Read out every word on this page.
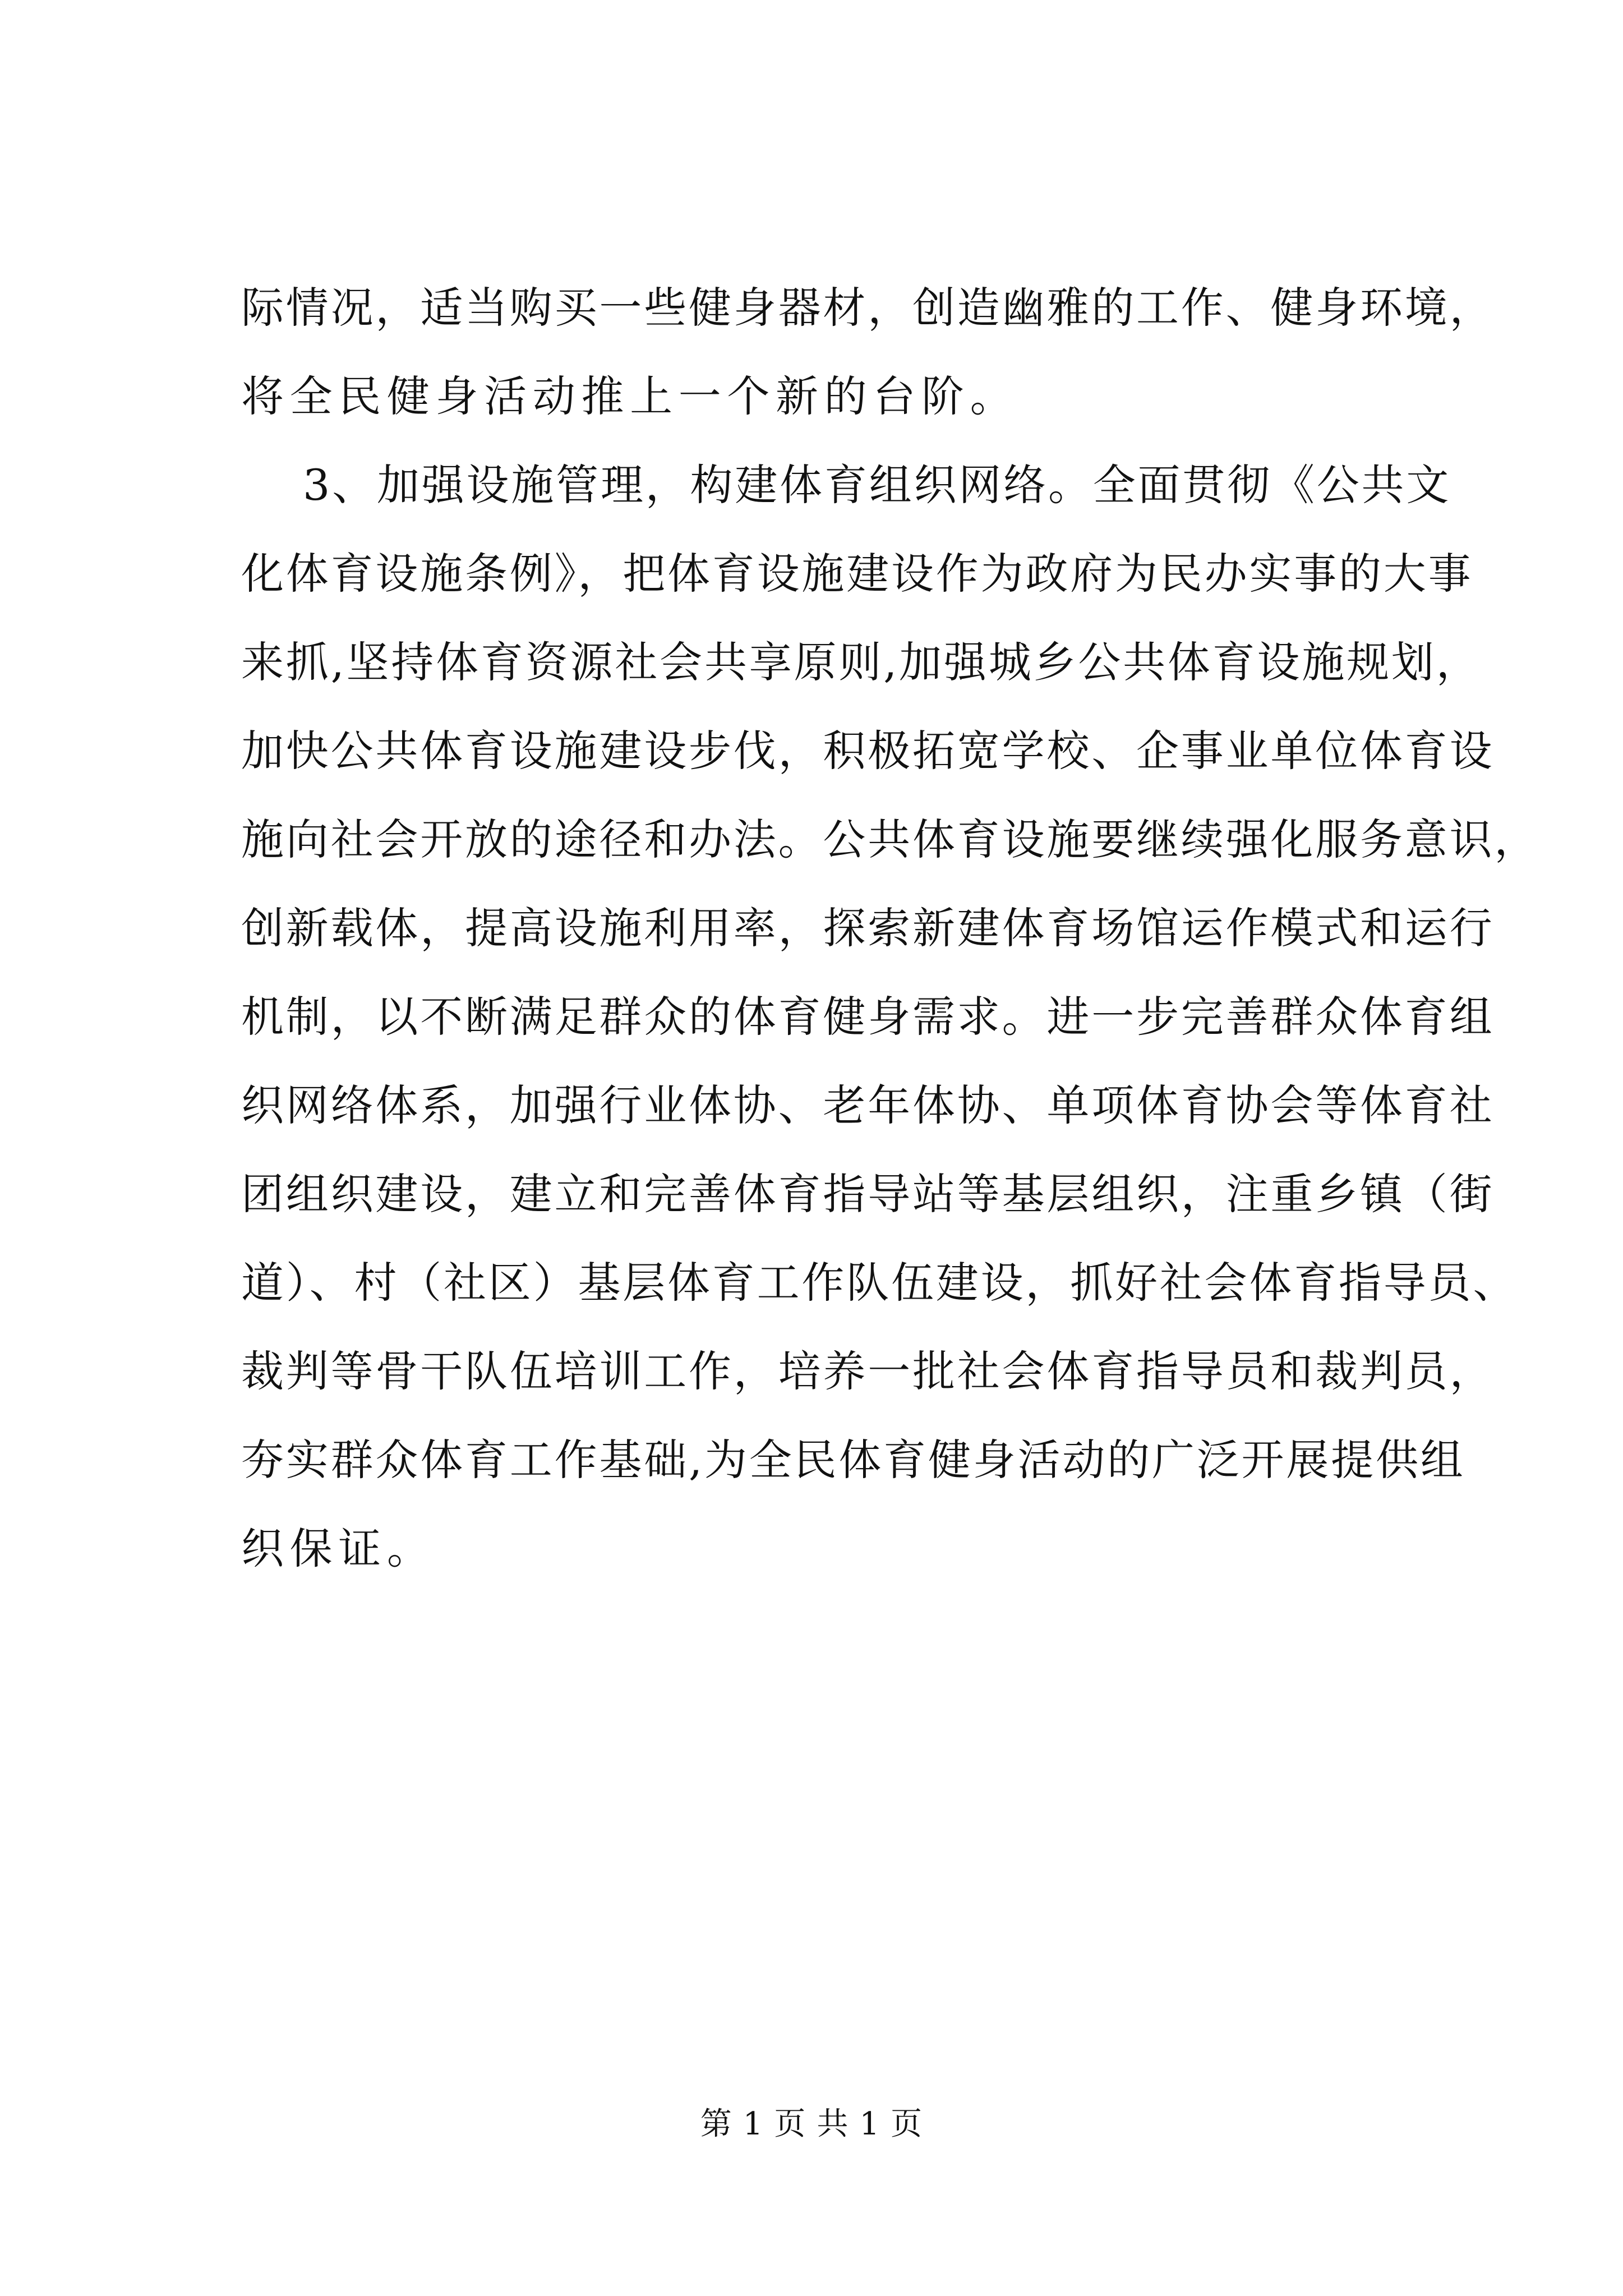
际情况，适当购买一些健身器材，创造幽雅的工作、健身环境，
将全民健身活动推上一个新的台阶。
3、加强设施管理，构建体育组织网络。全面贯彻《公共文
化体育设施条例》，把体育设施建设作为政府为民办实事的大事
来抓,坚持体育资源社会共享原则,加强城乡公共体育设施规划，
加快公共体育设施建设步伐，积极拓宽学校、企事业单位体育设
施向社会开放的途径和办法。公共体育设施要继续强化服务意识，
创新载体，提高设施利用率，探索新建体育场馆运作模式和运行
机制，以不断满足群众的体育健身需求。进一步完善群众体育组
织网络体系，加强行业体协、老年体协、单项体育协会等体育社
团组织建设，建立和完善体育指导站等基层组织，注重乡镇（街
道）、村（社区）基层体育工作队伍建设，抓好社会体育指导员、
裁判等骨干队伍培训工作，培养一批社会体育指导员和裁判员，
夯实群众体育工作基础,为全民体育健身活动的广泛开展提供组
织保证。
第 1 页 共 1 页
